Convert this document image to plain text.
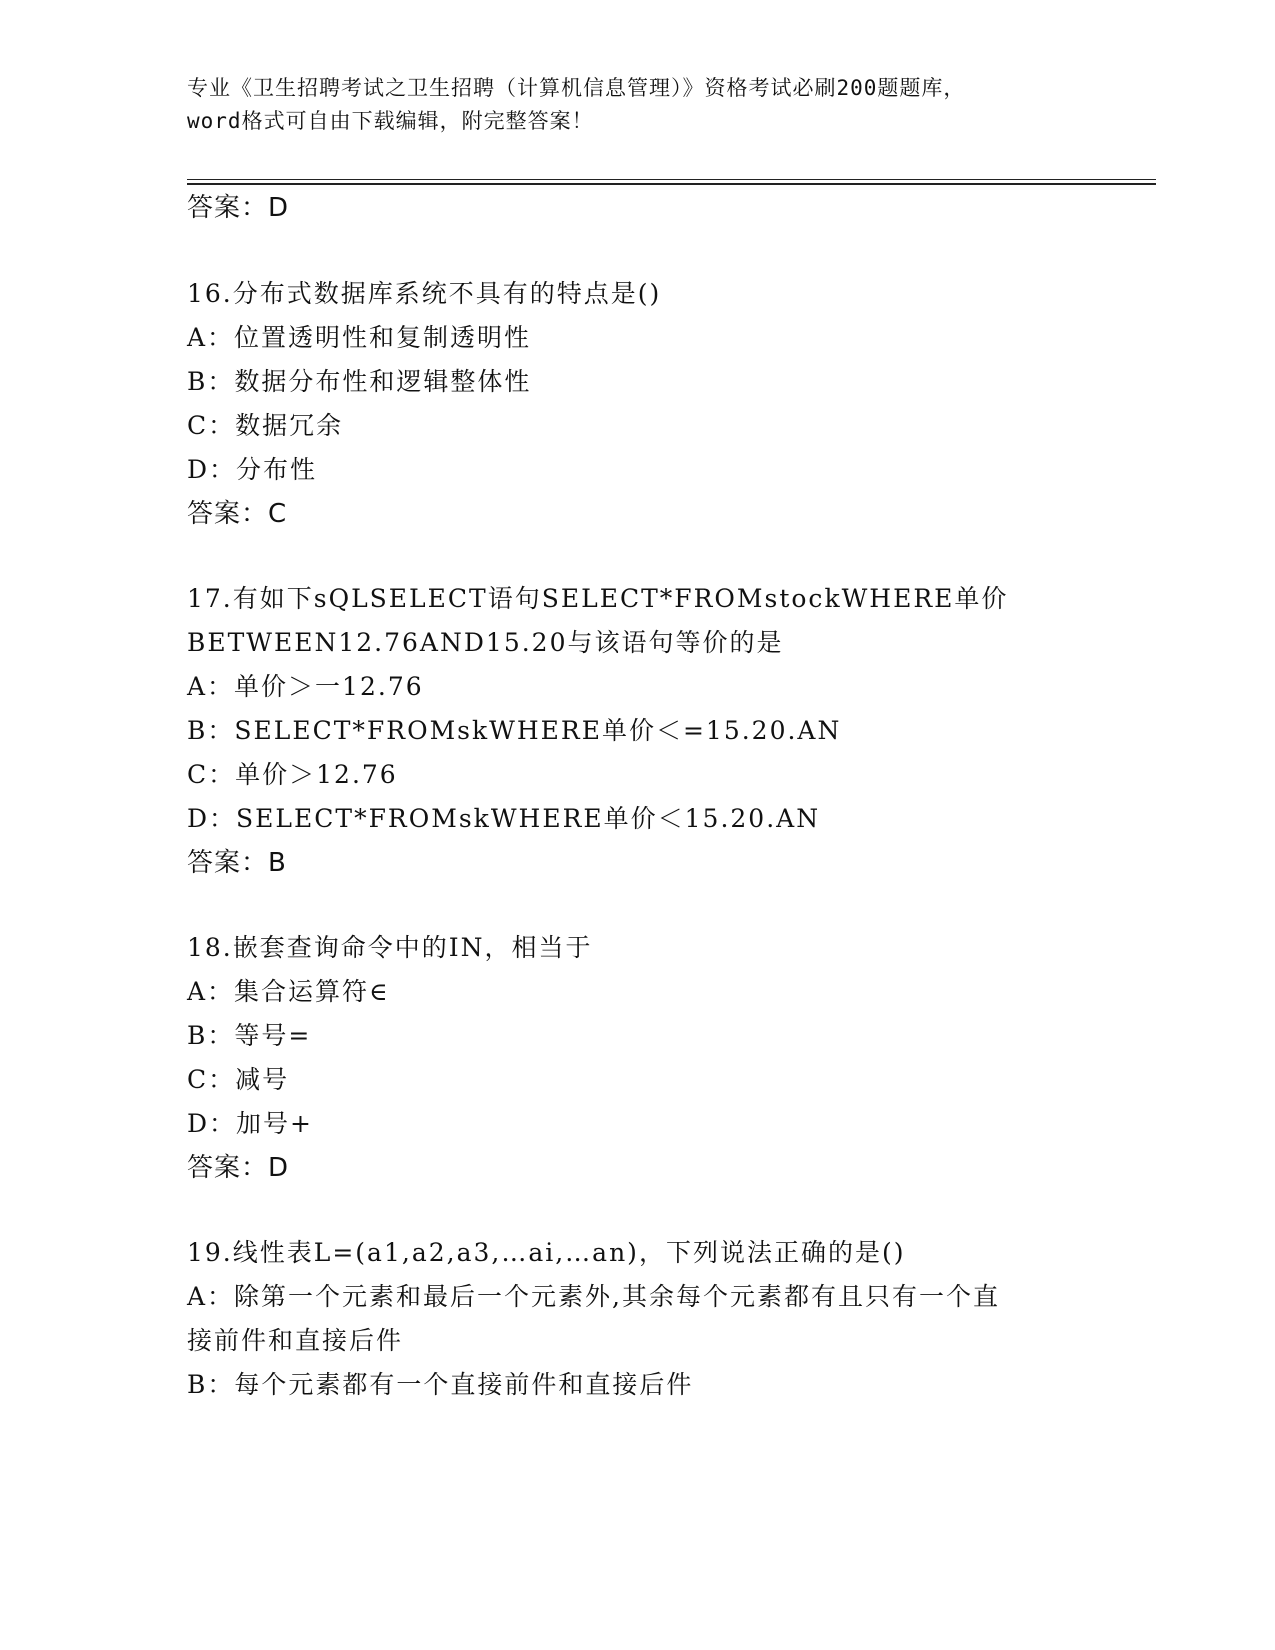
专业《卫生招聘考试之卫生招聘（计算机信息管理）》资格考试必刷200题题库，
word格式可自由下载编辑，附完整答案！
答案：D
16.分布式数据库系统不具有的特点是()
A：位置透明性和复制透明性
B：数据分布性和逻辑整体性
C：数据冗余
D：分布性
答案：C
17.有如下sQLSELECT语句SELECT*FROMstockWHERE单价
BETWEEN12.76AND15.20与该语句等价的是
A：单价＞一12.76
B：SELECT*FROMskWHERE单价＜=15.20.AN
C：单价＞12.76
D：SELECT*FROMskWHERE单价＜15.20.AN
答案：B
18.嵌套查询命令中的IN，相当于
A：集合运算符∈
B：等号=
C：减号
D：加号+
答案：D
19.线性表L=(a1,a2,a3,…ai,…an)，下列说法正确的是()
A：除第一个元素和最后一个元素外,其余每个元素都有且只有一个直
接前件和直接后件
B：每个元素都有一个直接前件和直接后件
